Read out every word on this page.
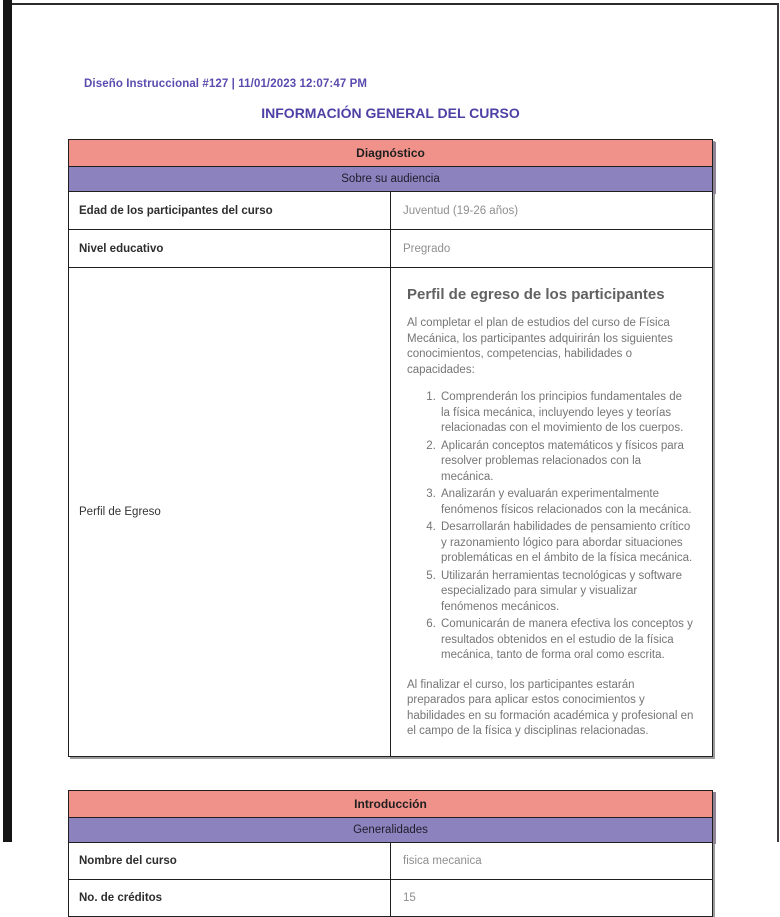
Diseño Instruccional #127 | 11/01/2023 12:07:47 PM
INFORMACIÓN GENERAL DEL CURSO
Diagnóstico	
Sobre su audiencia	
Edad de los participantes del curso	Juventud (19-26 años)
Nivel educativo	Pregrado
Perfil de Egreso	
Perfil de egreso de los participantes

Al completar el plan de estudios del curso de Física Mecánica, los participantes adquirirán los siguientes conocimientos, competencias, habilidades o capacidades:

1. Comprenderán los principios fundamentales de la física mecánica, incluyendo leyes y teorías relacionadas con el movimiento de los cuerpos.
2. Aplicarán conceptos matemáticos y físicos para resolver problemas relacionados con la mecánica.
3. Analizarán y evaluarán experimentalmente fenómenos físicos relacionados con la mecánica.
4. Desarrollarán habilidades de pensamiento crítico y razonamiento lógico para abordar situaciones problemáticas en el ámbito de la física mecánica.
5. Utilizarán herramientas tecnológicas y software especializado para simular y visualizar fenómenos mecánicos.
6. Comunicarán de manera efectiva los conceptos y resultados obtenidos en el estudio de la física mecánica, tanto de forma oral como escrita.

Al finalizar el curso, los participantes estarán preparados para aplicar estos conocimientos y habilidades en su formación académica y profesional en el campo de la física y disciplinas relacionadas.

Introducción	
Generalidades	
Nombre del curso	fisica mecanica
No. de créditos	15
